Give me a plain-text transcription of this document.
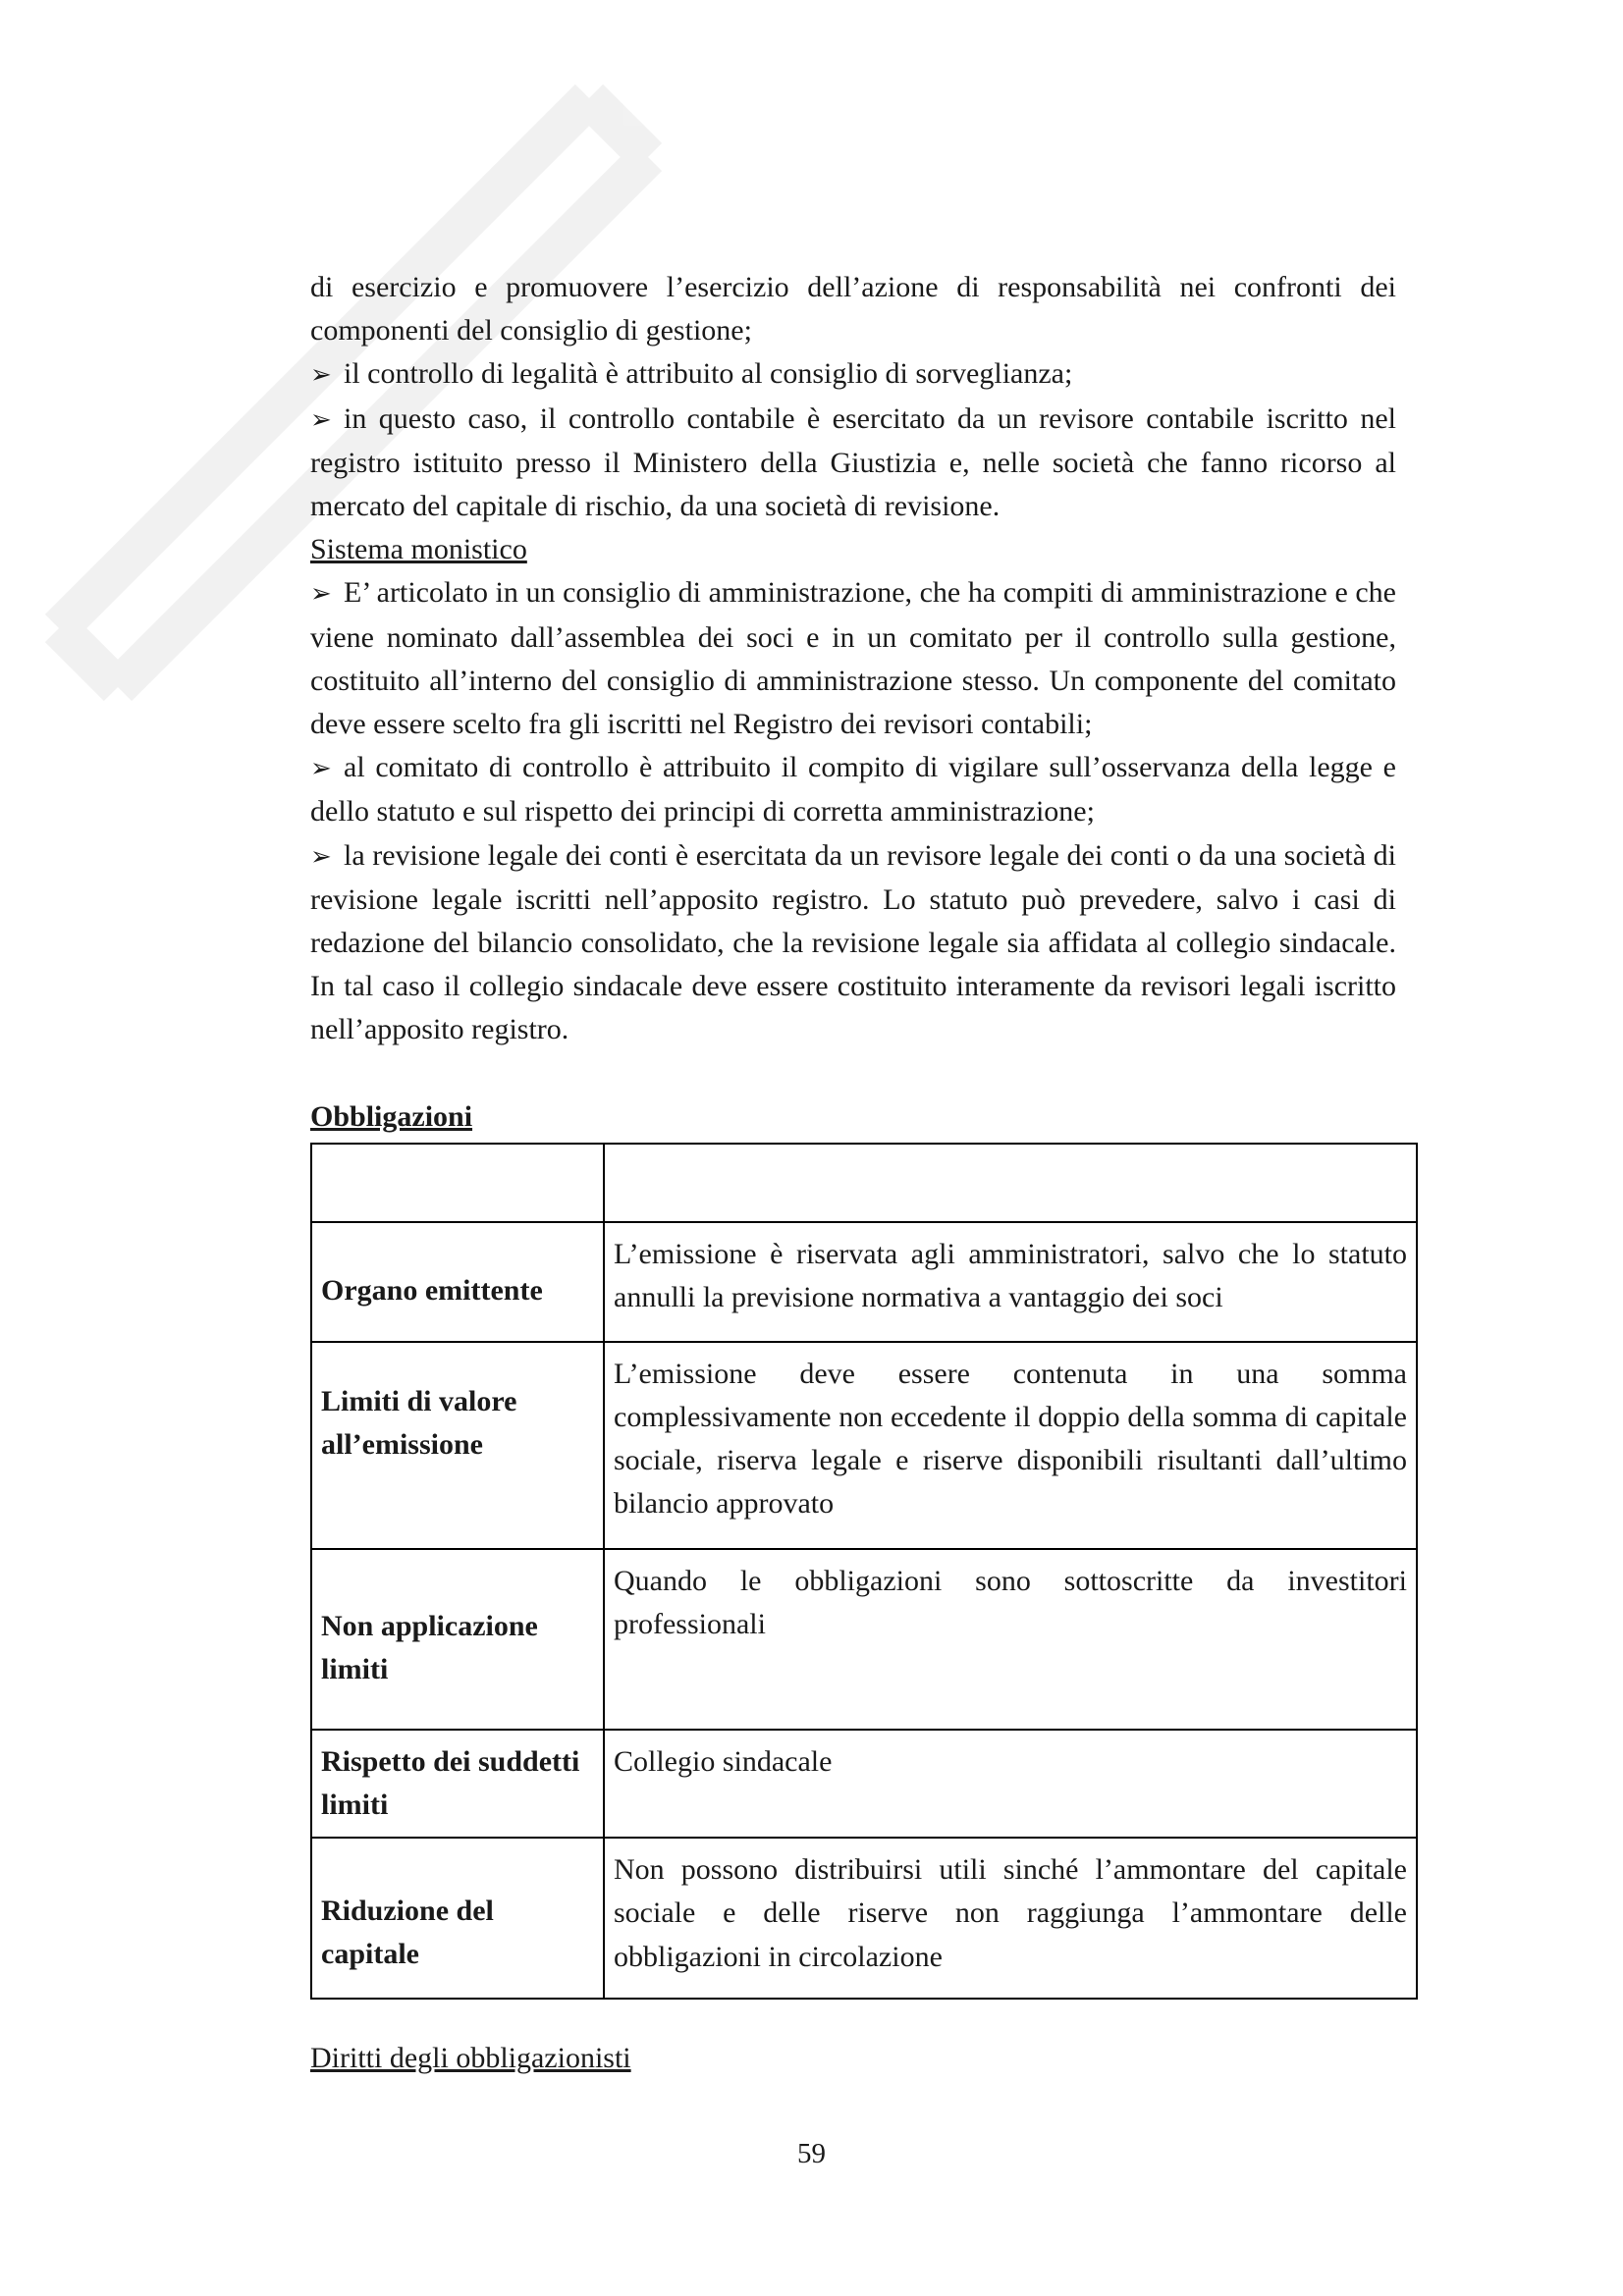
di esercizio e promuovere l’esercizio dell’azione di responsabilità nei confronti dei componenti del consiglio di gestione;

➢ il controllo di legalità è attribuito al consiglio di sorveglianza;

➢ in questo caso, il controllo contabile è esercitato da un revisore contabile iscritto nel registro istituito presso il Ministero della Giustizia e, nelle società che fanno ricorso al mercato del capitale di rischio, da una società di revisione.

Sistema monistico

➢ E’ articolato in un consiglio di amministrazione, che ha compiti di amministrazione e che viene nominato dall’assemblea dei soci e in un comitato per il controllo sulla gestione, costituito all’interno del consiglio di amministrazione stesso. Un componente del comitato deve essere scelto fra gli iscritti nel Registro dei revisori contabili;

➢ al comitato di controllo è attribuito il compito di vigilare sull’osservanza della legge e dello statuto e sul rispetto dei principi di corretta amministrazione;

➢ la revisione legale dei conti è esercitata da un revisore legale dei conti o da una società di revisione legale iscritti nell’apposito registro. Lo statuto può prevedere, salvo i casi di redazione del bilancio consolidato, che la revisione legale sia affidata al collegio sindacale. In tal caso il collegio sindacale deve essere costituito interamente da revisori legali iscritto nell’apposito registro.

Obbligazioni

Organo emittente	L’emissione è riservata agli amministratori, salvo che lo statuto annulli la previsione normativa a vantaggio dei soci
Limiti di valore all’emissione	L’emissione deve essere contenuta in una somma complessivamente non eccedente il doppio della somma di capitale sociale, riserva legale e riserve disponibili risultanti dall’ultimo bilancio approvato
Non applicazione limiti	Quando le obbligazioni sono sottoscritte da investitori professionali
Rispetto dei suddetti limiti	Collegio sindacale
Riduzione del capitale	Non possono distribuirsi utili sinché l’ammontare del capitale sociale e delle riserve non raggiunga l’ammontare delle obbligazioni in circolazione

Diritti degli obbligazionisti

59
